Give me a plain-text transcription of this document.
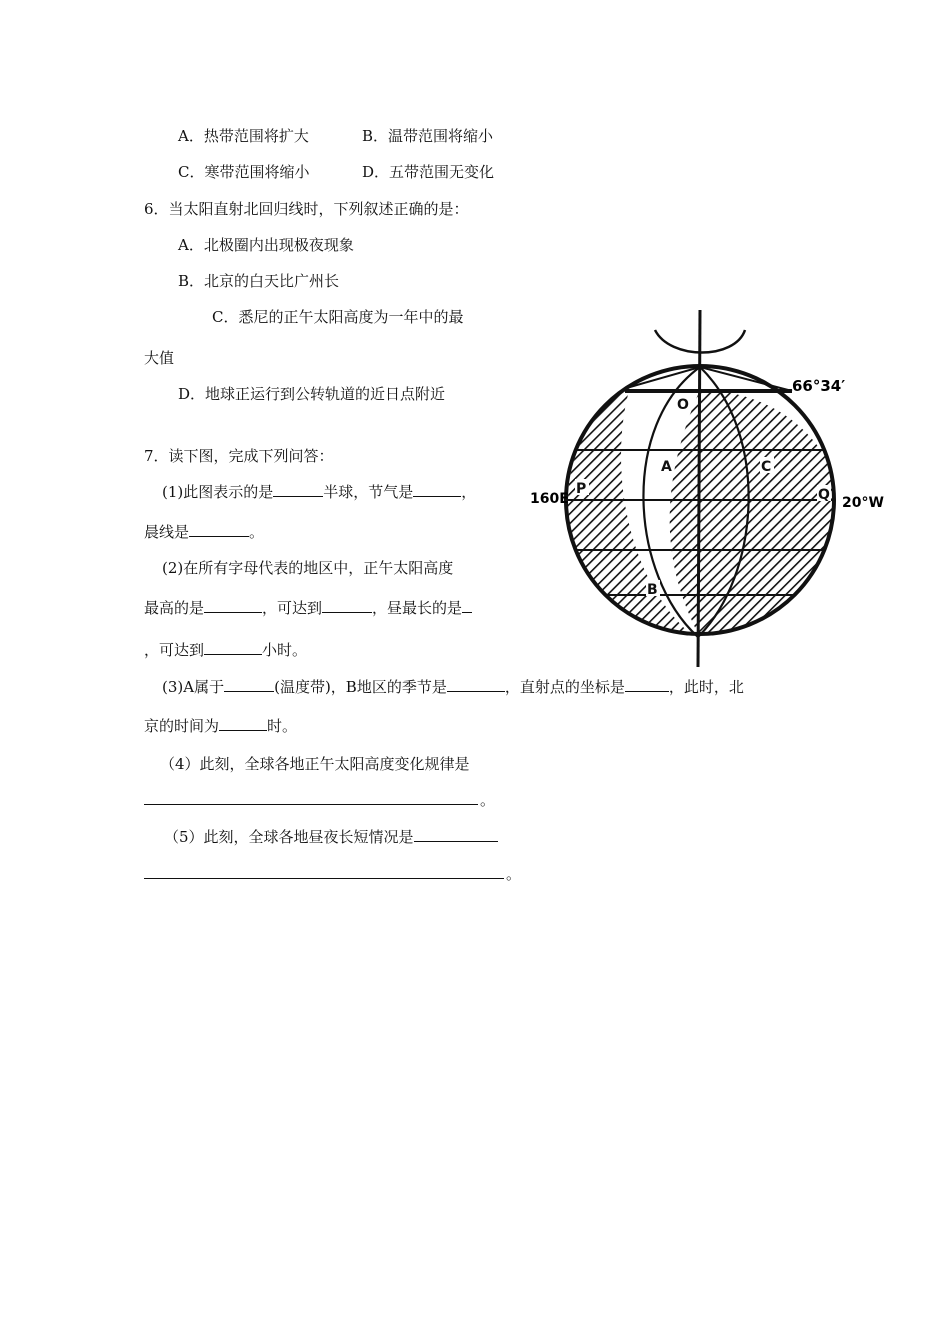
A．热带范围将扩大	B．温带范围将缩小
C．寒带范围将缩小	D．五带范围无变化
6．当太阳直射北回归线时，下列叙述正确的是：
A．北极圈内出现极夜现象
B．北京的白天比广州长
C．悉尼的正午太阳高度为一年中的最
大值
D．地球正运行到公转轨道的近日点附近
7．读下图，完成下列问答：
(1)此图表示的是	半球，节气是	，
晨线是	。
(2)在所有字母代表的地区中，正午太阳高度
最高的是	，可达到	，昼最长的是
，可达到	小时。
(3)A属于	(温度带)，B地区的季节是	，直射点的坐标是	，此时，北
京的时间为	时。
（4）此刻，全球各地正午太阳高度变化规律是
。
（5）此刻，全球各地昼夜长短情况是
。
66°34′
160E	20°W
O
A	C
P	Q
B
